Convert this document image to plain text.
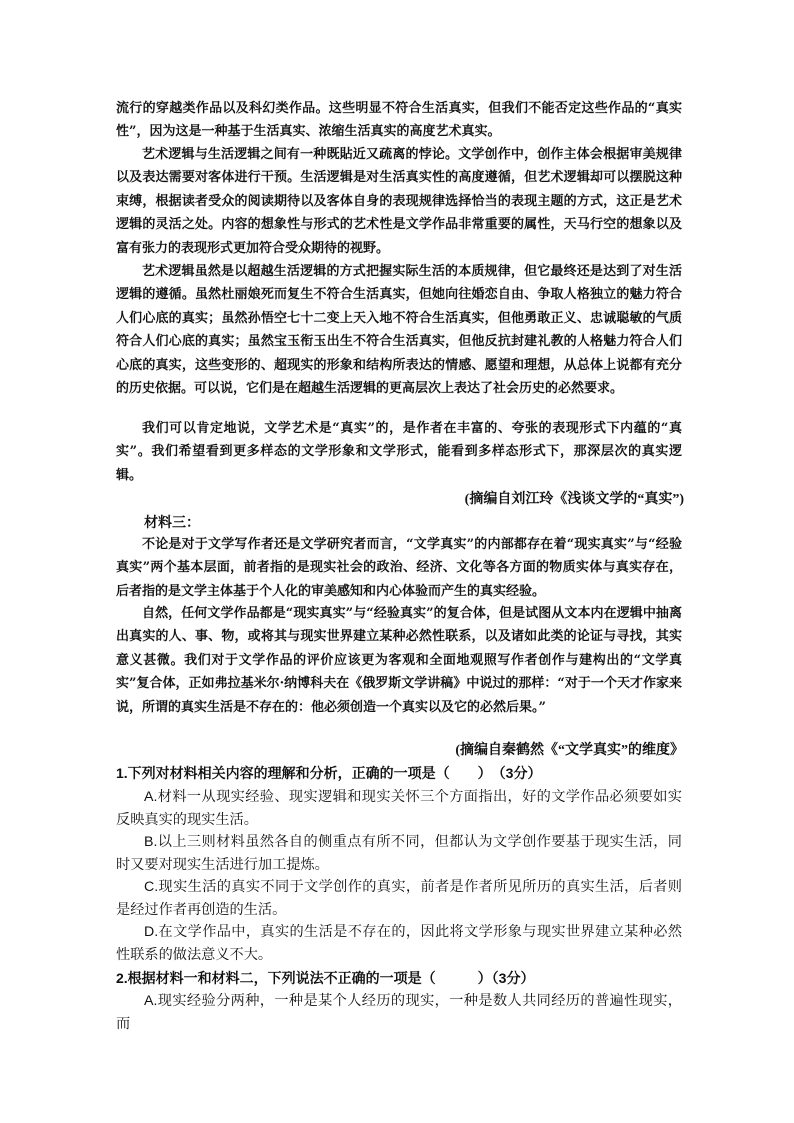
流行的穿越类作品以及科幻类作品。这些明显不符合生活真实，但我们不能否定这些作品的“真实性”，因为这是一种基于生活真实、浓缩生活真实的高度艺术真实。

艺术逻辑与生活逻辑之间有一种既貼近又疏离的悖论。文学创作中，创作主体会根据审美规律以及表达需要对客体进行干预。生活逻辑是对生活真实性的高度遵循，但艺术逻辑却可以摆脱这种束缚，根据读者受众的阅读期待以及客体自身的表现规律选择恰当的表现主题的方式，这正是艺术逻辑的灵活之处。内容的想象性与形式的艺术性是文学作品非常重要的属性，天马行空的想象以及富有张力的表现形式更加符合受众期待的视野。

艺术逻辑虽然是以超越生活逻辑的方式把握实际生活的本质规律，但它最终还是达到了对生活逻辑的遵循。虽然杜丽娘死而复生不符合生活真实，但她向往婚恋自由、争取人格独立的魅力符合人们心底的真实；虽然孙悟空七十二变上天入地不符合生活真实，但他勇敢正义、忠诚聪敏的气质符合人们心底的真实；虽然宝玉衔玉出生不符合生活真实，但他反抗封建礼教的人格魅力符合人们心底的真实，这些变形的、超现实的形象和结构所表达的情感、愿望和理想，从总体上说都有充分的历史依据。可以说，它们是在超越生活逻辑的更高层次上表达了社会历史的必然要求。

我们可以肯定地说，文学艺术是“真实”的，是作者在丰富的、夸张的表现形式下内蕴的“真实”。我们希望看到更多样态的文学形象和文学形式，能看到多样态形式下，那深层次的真实逻辑。

(摘编自刘江玲《浅谈文学的“真实”)

材料三：

不论是对于文学写作者还是文学研究者而言，“文学真实”的内部都存在着“现实真实”与“经验真实”两个基本层面，前者指的是现实社会的政治、经济、文化等各方面的物质实体与真实存在，后者指的是文学主体基于个人化的审美感知和内心体验而产生的真实经验。

自然，任何文学作品都是“现实真实”与“经验真实”的复合体，但是试图从文本内在逻辑中抽离出真实的人、事、物，或将其与现实世界建立某种必然性联系，以及诸如此类的论证与寻找，其实意义甚微。我们对于文学作品的评价应该更为客观和全面地观照写作者创作与建构出的“文学真实”复合体，正如弗拉基米尔·纳博科夫在《俄罗斯文学讲稿》中说过的那样：“对于一个天才作家来说，所谓的真实生活是不存在的：他必须创造一个真实以及它的必然后果。”

(摘编自秦鹤然《“文学真实”的维度》

1.下列对材料相关内容的理解和分析，正确的一项是（　　）　（3分）

A.材料一从现实经验、现实逻辑和现实关怀三个方面指出，好的文学作品必须要如实反映真实的现实生活。

B.以上三则材料虽然各自的侧重点有所不同，但都认为文学创作要基于现实生活，同时又要对现实生活进行加工提炼。

C.现实生活的真实不同于文学创作的真实，前者是作者所见所历的真实生活，后者则是经过作者再创造的生活。

D.在文学作品中，真实的生活是不存在的，因此将文学形象与现实世界建立某种必然性联系的做法意义不大。

2.根据材料一和材料二，下列说法不正确的一项是（　　　）（3分）

A.现实经验分两种，一种是某个人经历的现实，一种是数人共同经历的普遍性现实，而
